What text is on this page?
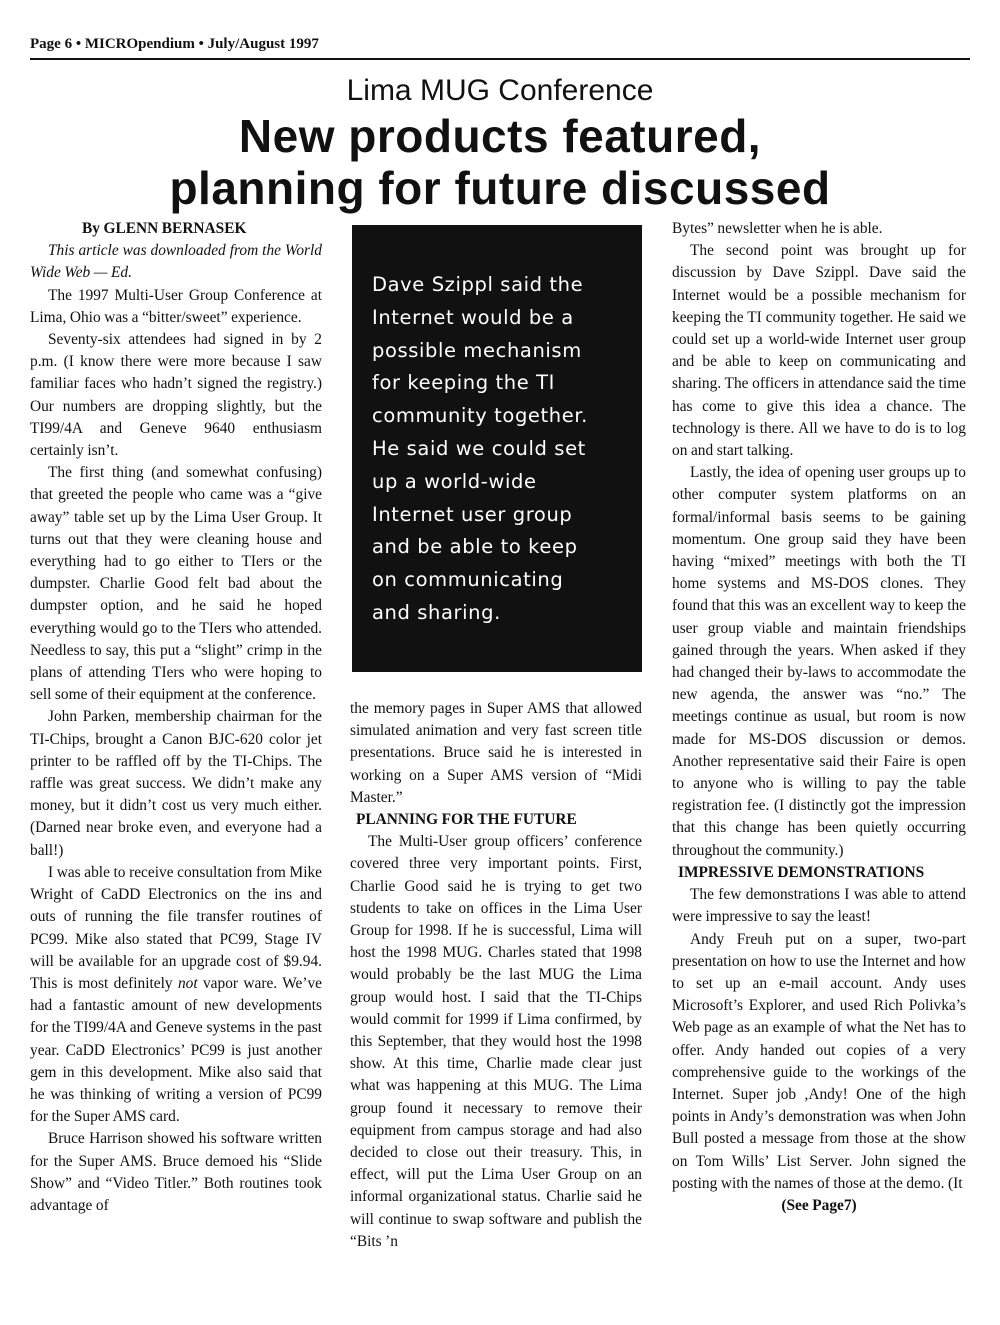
Page 6 • MICROpendium • July/August 1997
Lima MUG Conference
New products featured,
planning for future discussed

By GLENN BERNASEK

This article was downloaded from the World Wide Web — Ed.

The 1997 Multi-User Group Conference at Lima, Ohio was a “bitter/sweet” experience.

Seventy-six attendees had signed in by 2 p.m. (I know there were more because I saw familiar faces who hadn’t signed the registry.) Our numbers are dropping slightly, but the TI99/4A and Geneve 9640 enthusiasm certainly isn’t.

The first thing (and somewhat confusing) that greeted the people who came was a “give away” table set up by the Lima User Group. It turns out that they were cleaning house and everything had to go either to TIers or the dumpster. Charlie Good felt bad about the dumpster option, and he said he hoped everything would go to the TIers who attended. Needless to say, this put a “slight” crimp in the plans of attending TIers who were hoping to sell some of their equipment at the conference.

John Parken, membership chairman for the TI-Chips, brought a Canon BJC-620 color jet printer to be raffled off by the TI-Chips. The raffle was great success. We didn’t make any money, but it didn’t cost us very much either. (Darned near broke even, and everyone had a ball!)

I was able to receive consultation from Mike Wright of CaDD Electronics on the ins and outs of running the file transfer routines of PC99. Mike also stated that PC99, Stage IV will be available for an upgrade cost of $9.94. This is most definitely not vapor ware. We’ve had a fantastic amount of new developments for the TI99/4A and Geneve systems in the past year. CaDD Electronics’ PC99 is just another gem in this development. Mike also said that he was thinking of writing a version of PC99 for the Super AMS card.

Bruce Harrison showed his software written for the Super AMS. Bruce demoed his “Slide Show” and “Video Titler.” Both routines took advantage of

Dave Szippl said the
Internet would be a
possible mechanism
for keeping the TI
community together.
He said we could set
up a world-wide
Internet user group
and be able to keep
on communicating
and sharing.

the memory pages in Super AMS that allowed simulated animation and very fast screen title presentations. Bruce said he is interested in working on a Super AMS version of “Midi Master.”

PLANNING FOR THE FUTURE

The Multi-User group officers’ conference covered three very important points. First, Charlie Good said he is trying to get two students to take on offices in the Lima User Group for 1998. If he is successful, Lima will host the 1998 MUG. Charles stated that 1998 would probably be the last MUG the Lima group would host. I said that the TI-Chips would commit for 1999 if Lima confirmed, by this September, that they would host the 1998 show. At this time, Charlie made clear just what was happening at this MUG. The Lima group found it necessary to remove their equipment from campus storage and had also decided to close out their treasury. This, in effect, will put the Lima User Group on an informal organizational status. Charlie said he will continue to swap software and publish the “Bits ’n

Bytes” newsletter when he is able.

The second point was brought up for discussion by Dave Szippl. Dave said the Internet would be a possible mechanism for keeping the TI community together. He said we could set up a world-wide Internet user group and be able to keep on communicating and sharing. The officers in attendance said the time has come to give this idea a chance. The technology is there. All we have to do is to log on and start talking.

Lastly, the idea of opening user groups up to other computer system platforms on an formal/informal basis seems to be gaining momentum. One group said they have been having “mixed” meetings with both the TI home systems and MS-DOS clones. They found that this was an excellent way to keep the user group viable and maintain friendships gained through the years. When asked if they had changed their by-laws to accommodate the new agenda, the answer was “no.” The meetings continue as usual, but room is now made for MS-DOS discussion or demos. Another representative said their Faire is open to anyone who is willing to pay the table registration fee. (I distinctly got the impression that this change has been quietly occurring throughout the community.)

IMPRESSIVE DEMONSTRATIONS

The few demonstrations I was able to attend were impressive to say the least!

Andy Freuh put on a super, two-part presentation on how to use the Internet and how to set up an e-mail account. Andy uses Microsoft’s Explorer, and used Rich Polivka’s Web page as an example of what the Net has to offer. Andy handed out copies of a very comprehensive guide to the workings of the Internet. Super job ,Andy! One of the high points in Andy’s demonstration was when John Bull posted a message from those at the show on Tom Wills’ List Server. John signed the posting with the names of those at the demo. (It

(See Page7)
